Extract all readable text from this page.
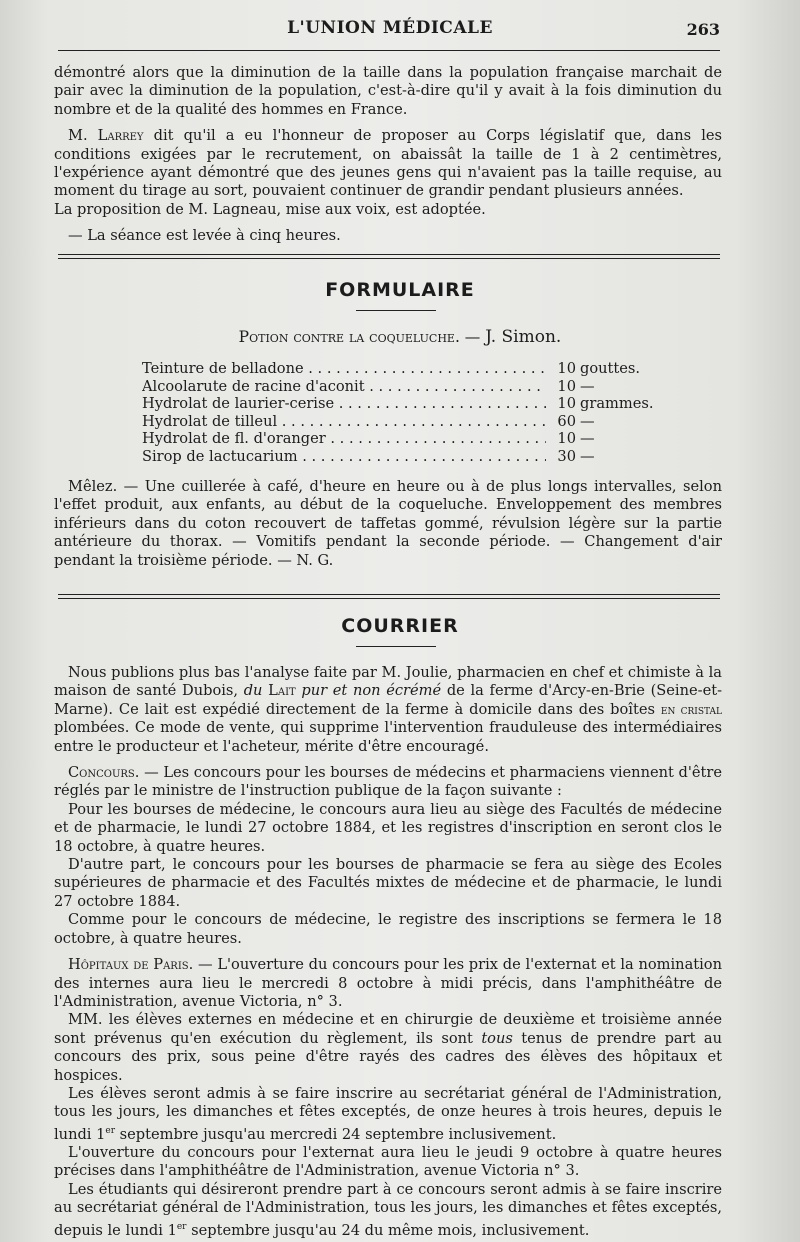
L'UNION MÉDICALE	263

démontré alors que la diminution de la taille dans la population française marchait de pair avec la diminution de la population, c'est-à-dire qu'il y avait à la fois diminution du nombre et de la qualité des hommes en France.

M. Larrey dit qu'il a eu l'honneur de proposer au Corps législatif que, dans les conditions exigées par le recrutement, on abaissât la taille de 1 à 2 centimètres, l'expérience ayant démontré que des jeunes gens qui n'avaient pas la taille requise, au moment du tirage au sort, pouvaient continuer de grandir pendant plusieurs années.

La proposition de M. Lagneau, mise aux voix, est adoptée.

— La séance est levée à cinq heures.

FORMULAIRE
Potion contre la coqueluche. — J. Simon.
Teinture de belladone . . .	10 gouttes.
Alcoolarute de racine d'aconit . . .	10 —
Hydrolat de laurier-cerise . . .	10 grammes.
Hydrolat de tilleul . . .	60 —
Hydrolat de fl. d'oranger . . .	10 —
Sirop de lactucarium . . .	30 —

Mêlez. — Une cuillerée à café, d'heure en heure ou à de plus longs intervalles, selon l'effet produit, aux enfants, au début de la coqueluche. Enveloppement des membres inférieurs dans du coton recouvert de taffetas gommé, révulsion légère sur la partie antérieure du thorax. — Vomitifs pendant la seconde période. — Changement d'air pendant la troisième période. — N. G.

COURRIER

Nous publions plus bas l'analyse faite par M. Joulie, pharmacien en chef et chimiste à la maison de santé Dubois, du Lait pur et non écrémé de la ferme d'Arcy-en-Brie (Seine-et-Marne). Ce lait est expédié directement de la ferme à domicile dans des boîtes en cristal plombées. Ce mode de vente, qui supprime l'intervention frauduleuse des intermédiaires entre le producteur et l'acheteur, mérite d'être encouragé.

Concours. — Les concours pour les bourses de médecins et pharmaciens viennent d'être réglés par le ministre de l'instruction publique de la façon suivante :

Pour les bourses de médecine, le concours aura lieu au siège des Facultés de médecine et de pharmacie, le lundi 27 octobre 1884, et les registres d'inscription en seront clos le 18 octobre, à quatre heures.

D'autre part, le concours pour les bourses de pharmacie se fera au siège des Ecoles supérieures de pharmacie et des Facultés mixtes de médecine et de pharmacie, le lundi 27 octobre 1884.

Comme pour le concours de médecine, le registre des inscriptions se fermera le 18 octobre, à quatre heures.

Hôpitaux de Paris. — L'ouverture du concours pour les prix de l'externat et la nomination des internes aura lieu le mercredi 8 octobre à midi précis, dans l'amphithéâtre de l'Administration, avenue Victoria, n° 3.

MM. les élèves externes en médecine et en chirurgie de deuxième et troisième année sont prévenus qu'en exécution du règlement, ils sont tous tenus de prendre part au concours des prix, sous peine d'être rayés des cadres des élèves des hôpitaux et hospices.

Les élèves seront admis à se faire inscrire au secrétariat général de l'Administration, tous les jours, les dimanches et fêtes exceptés, de onze heures à trois heures, depuis le lundi 1er septembre jusqu'au mercredi 24 septembre inclusivement.

L'ouverture du concours pour l'externat aura lieu le jeudi 9 octobre à quatre heures précises dans l'amphithéâtre de l'Administration, avenue Victoria n° 3.

Les étudiants qui désireront prendre part à ce concours seront admis à se faire inscrire au secrétariat général de l'Administration, tous les jours, les dimanches et fêtes exceptés, depuis le lundi 1er septembre jusqu'au 24 du même mois, inclusivement.
